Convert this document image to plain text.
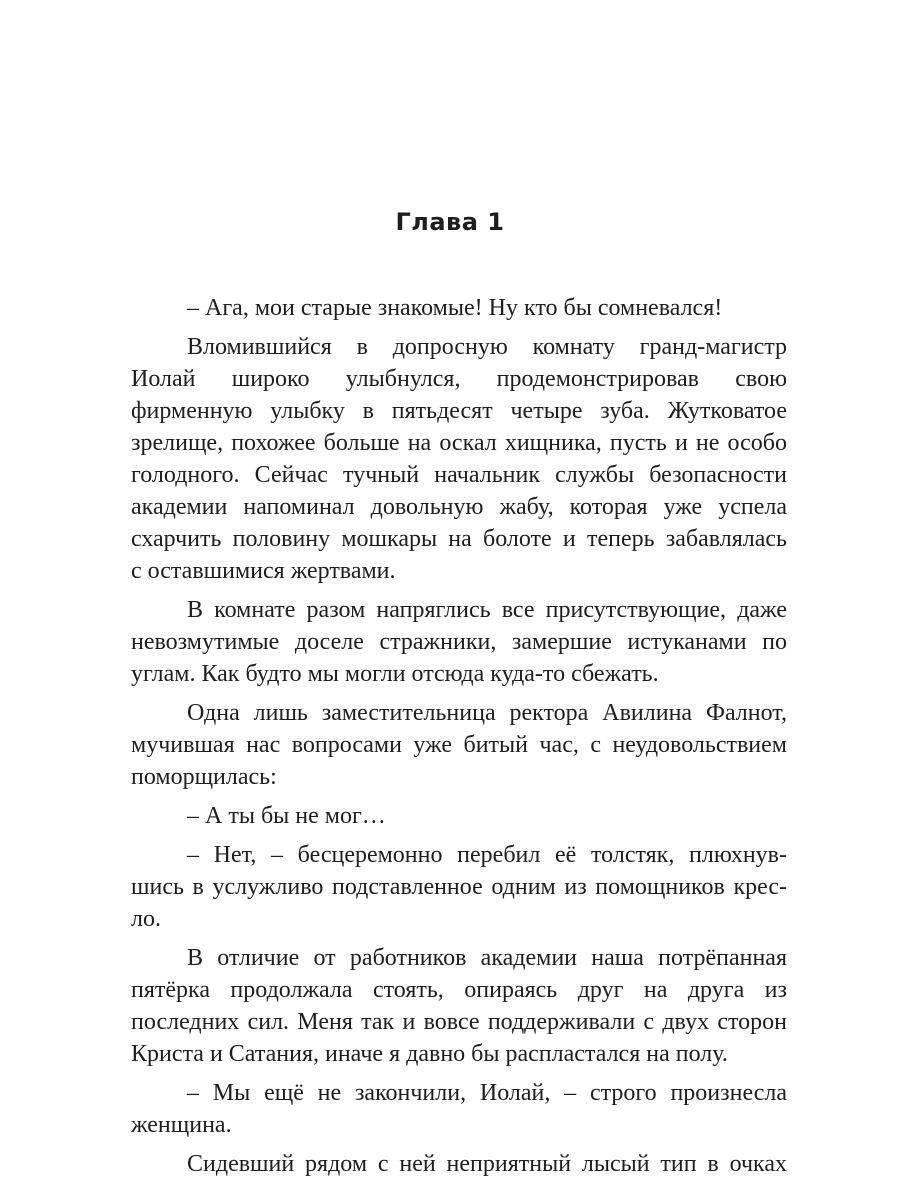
Глава 1
– Ага, мои старые знакомые! Ну кто бы сомневался!
Вломившийся в допросную комнату гранд-магистр
Иолай широко улыбнулся, продемонстрировав свою
фирменную улыбку в пятьдесят четыре зуба. Жутковатое
зрелище, похожее больше на оскал хищника, пусть и не особо
голодного. Сейчас тучный начальник службы безопасности
академии напоминал довольную жабу, которая уже успела
схарчить половину мошкары на болоте и теперь забавлялась
с оставшимися жертвами.
В комнате разом напряглись все присутствующие, даже
невозмутимые доселе стражники, замершие истуканами по
углам. Как будто мы могли отсюда куда-то сбежать.
Одна лишь заместительница ректора Авилина Фалнот,
мучившая нас вопросами уже битый час, с неудовольствием
поморщилась:
– А ты бы не мог…
– Нет, – бесцеремонно перебил её толстяк, плюхнув-
шись в услужливо подставленное одним из помощников крес-
ло.
В отличие от работников академии наша потрёпанная
пятёрка продолжала стоять, опираясь друг на друга из
последних сил. Меня так и вовсе поддерживали с двух сторон
Криста и Сатания, иначе я давно бы распластался на полу.
– Мы ещё не закончили, Иолай, – строго произнесла
женщина.
Сидевший рядом с ней неприятный лысый тип в очках
